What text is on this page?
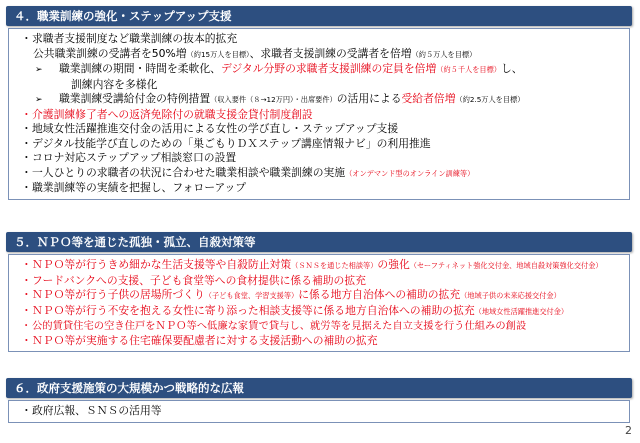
４．職業訓練の強化・ステップアップ支援
・求職者支援制度など職業訓練の抜本的拡充
公共職業訓練の受講者を50%増（約15万人を目標）、求職者支援訓練の受講者を倍増（約５万人を目標）
➢ 職業訓練の期間・時間を柔軟化、デジタル分野の求職者支援訓練の定員を倍増（約５千人を目標）し、
訓練内容を多様化
➢ 職業訓練受講給付金の特例措置（収入要件（８→12万円）・出席要件）の活用による受給者倍増（約2.5万人を目標）
・介護訓練修了者への返済免除付の就職支援金貸付制度創設
・地域女性活躍推進交付金の活用による女性の学び直し・ステップアップ支援
・デジタル技能学び直しのための「巣ごもりＤＸステップ講座情報ナビ」の利用推進
・コロナ対応ステップアップ相談窓口の設置
・一人ひとりの求職者の状況に合わせた職業相談や職業訓練の実施（オンデマンド型のオンライン訓練等）
・職業訓練等の実績を把握し、フォローアップ
５．ＮＰＯ等を通じた孤独・孤立、自殺対策等
・ＮＰＯ等が行うきめ細かな生活支援等や自殺防止対策（ＳＮＳを通じた相談等）の強化（セーフティネット強化交付金、地域自殺対策強化交付金）
・フードバンクへの支援、子ども食堂等への食材提供に係る補助の拡充
・ＮＰＯ等が行う子供の居場所づくり（子ども食堂、学習支援等）に係る地方自治体への補助の拡充（地域子供の未来応援交付金）
・ＮＰＯ等が行う不安を抱える女性に寄り添った相談支援等に係る地方自治体への補助の拡充（地域女性活躍推進交付金）
・公的賃貸住宅の空き住戸をＮＰＯ等へ低廉な家賃で貸与し、就労等を見据えた自立支援を行う仕組みの創設
・ＮＰＯ等が実施する住宅確保要配慮者に対する支援活動への補助の拡充
６．政府支援施策の大規模かつ戦略的な広報
・政府広報、ＳＮＳの活用等
2
